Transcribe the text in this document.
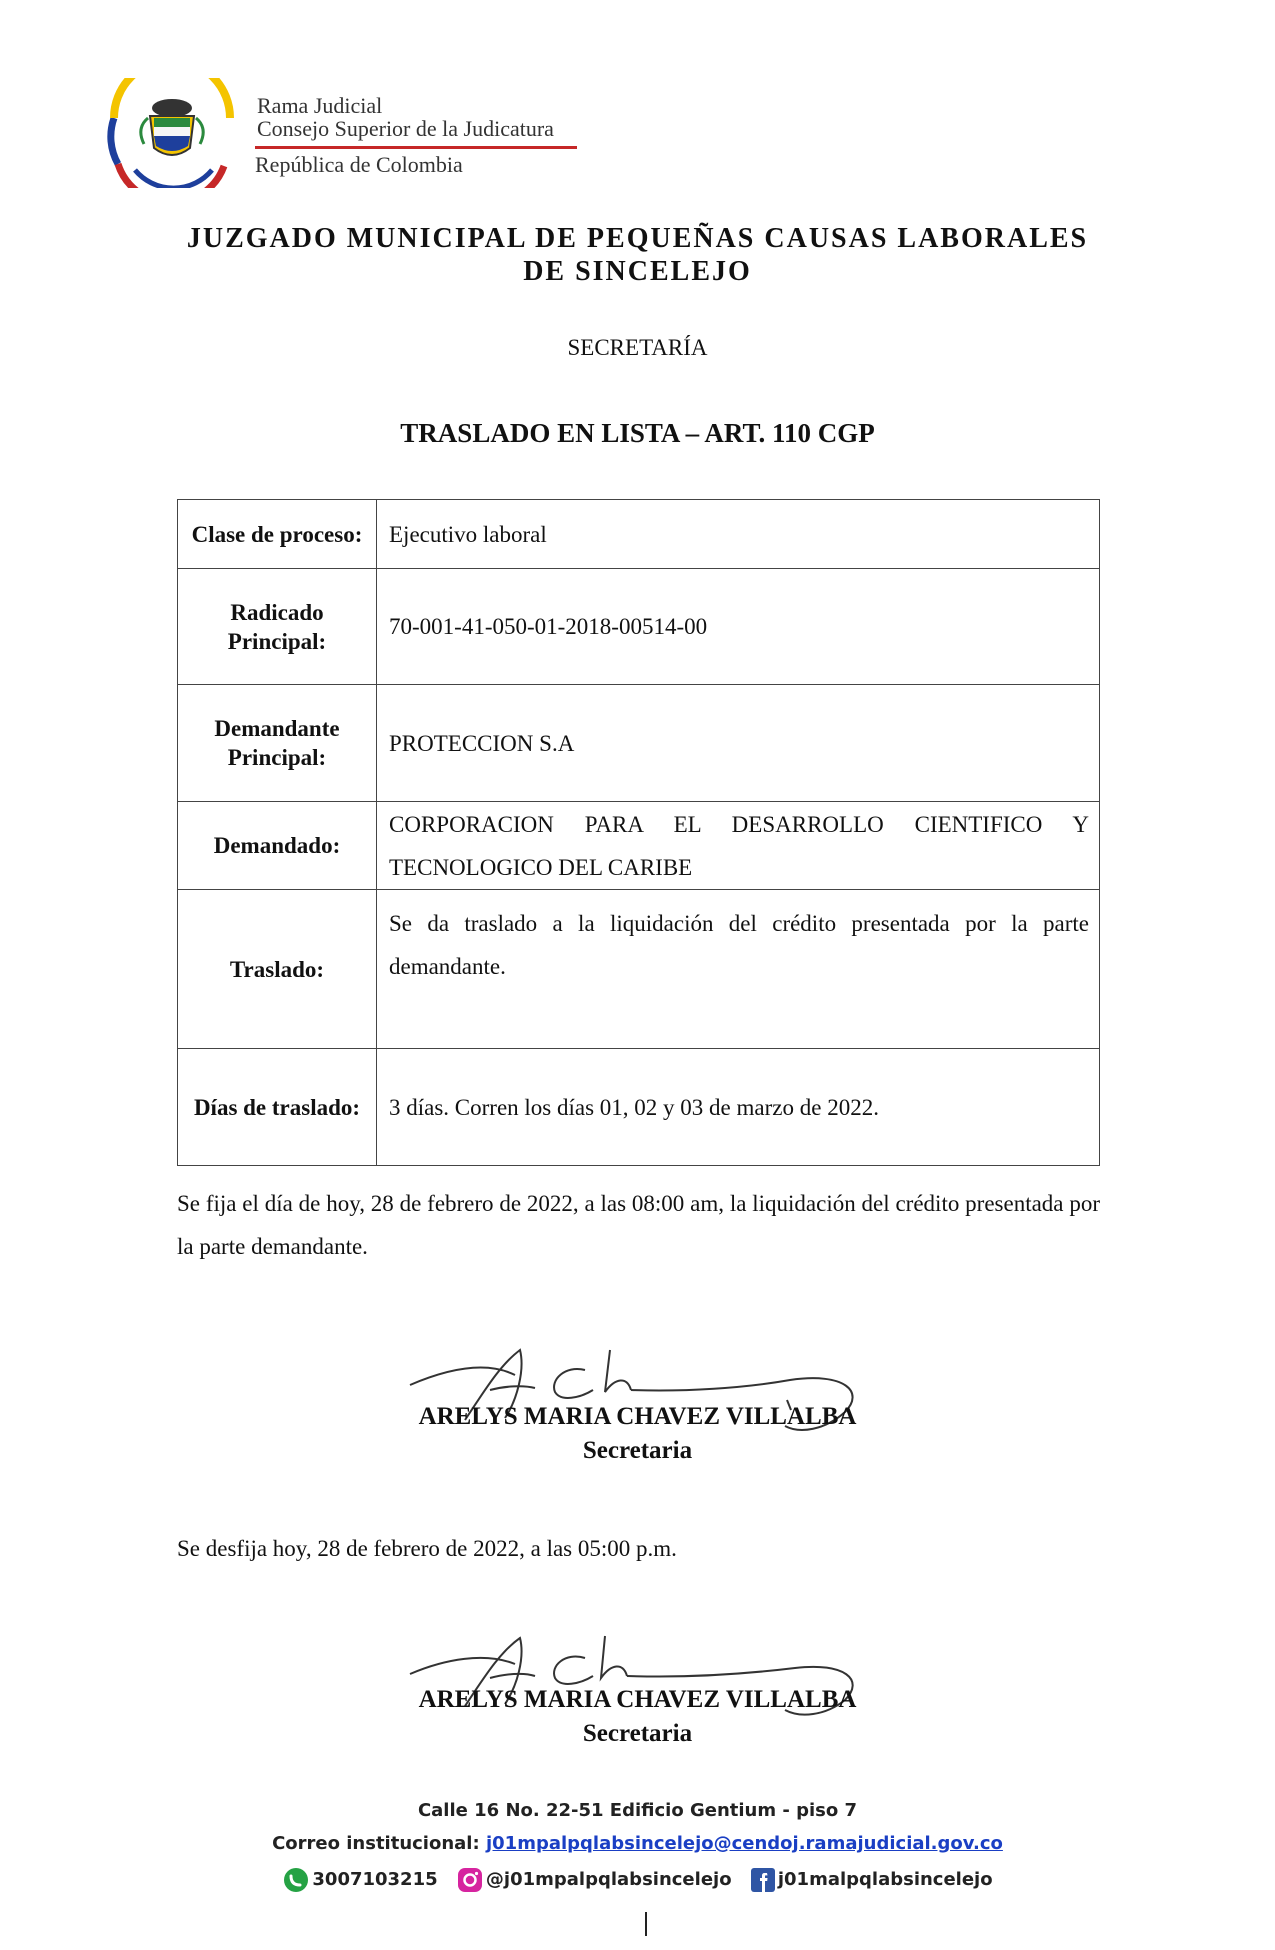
Rama Judicial
Consejo Superior de la Judicatura
República de Colombia
JUZGADO MUNICIPAL DE PEQUEÑAS CAUSAS LABORALES
DE SINCELEJO
SECRETARÍA
TRASLADO EN LISTA – ART. 110 CGP
Clase de proceso:	Ejecutivo laboral
Radicado Principal:	70-001-41-050-01-2018-00514-00
Demandante Principal:	PROTECCION S.A
Demandado:	CORPORACION PARA EL DESARROLLO CIENTIFICO Y TECNOLOGICO DEL CARIBE
Traslado:	Se da traslado a la liquidación del crédito presentada por la parte demandante.
Días de traslado:	3 días. Corren los días 01, 02 y 03 de marzo de 2022.
Se fija el día de hoy, 28 de febrero de 2022, a las 08:00 am, la liquidación del crédito presentada por la parte demandante.
ARELYS MARIA CHAVEZ VILLALBA
Secretaria
Se desfija hoy, 28 de febrero de 2022, a las 05:00 p.m.
ARELYS MARIA CHAVEZ VILLALBA
Secretaria
Calle 16 No. 22-51 Edificio Gentium - piso 7
Correo institucional: j01mpalpqlabsincelejo@cendoj.ramajudicial.gov.co
3007103215	@j01mpalpqlabsincelejo	j01malpqlabsincelejo
